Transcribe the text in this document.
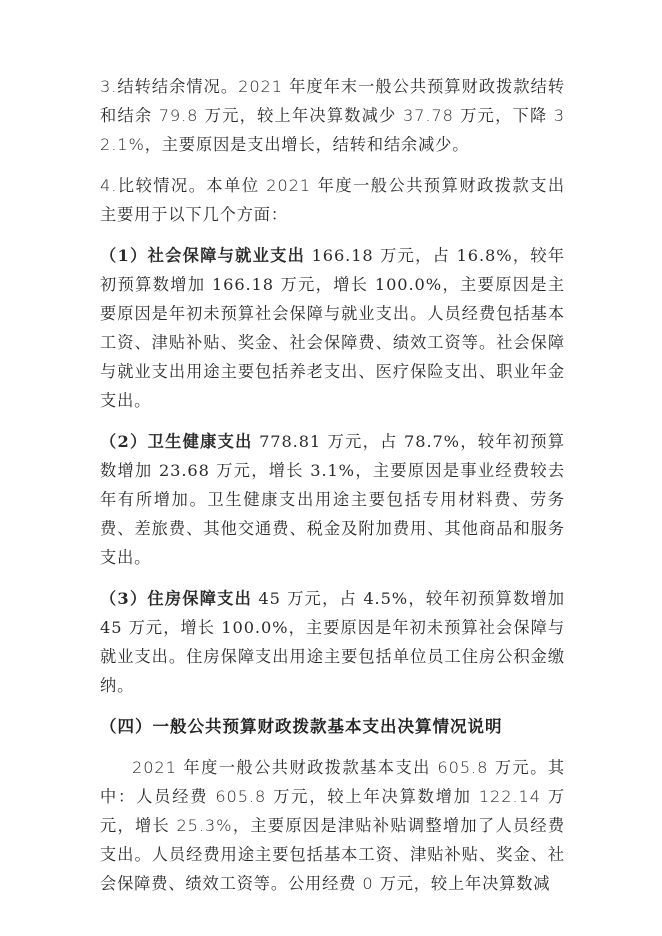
3.结转结余情况。2021 年度年末一般公共预算财政拨款结转和结余 79.8 万元，较上年决算数减少 37.78 万元，下降 32.1%，主要原因是支出增长，结转和结余减少。

4.比较情况。本单位 2021 年度一般公共预算财政拨款支出主要用于以下几个方面：

（1）社会保障与就业支出 166.18 万元，占 16.8%，较年初预算数增加 166.18 万元，增长 100.0%，主要原因是主要原因是年初未预算社会保障与就业支出。人员经费包括基本工资、津贴补贴、奖金、社会保障费、绩效工资等。社会保障与就业支出用途主要包括养老支出、医疗保险支出、职业年金支出。

（2）卫生健康支出 778.81 万元，占 78.7%，较年初预算数增加 23.68 万元，增长 3.1%，主要原因是事业经费较去年有所增加。卫生健康支出用途主要包括专用材料费、劳务费、差旅费、其他交通费、税金及附加费用、其他商品和服务支出。

（3）住房保障支出 45 万元，占 4.5%，较年初预算数增加 45 万元，增长 100.0%，主要原因是年初未预算社会保障与就业支出。住房保障支出用途主要包括单位员工住房公积金缴纳。

（四）一般公共预算财政拨款基本支出决算情况说明

2021 年度一般公共财政拨款基本支出 605.8 万元。其中：人员经费 605.8 万元，较上年决算数增加 122.14 万元，增长 25.3%，主要原因是津贴补贴调整增加了人员经费支出。人员经费用途主要包括基本工资、津贴补贴、奖金、社会保障费、绩效工资等。公用经费 0 万元，较上年决算数减
